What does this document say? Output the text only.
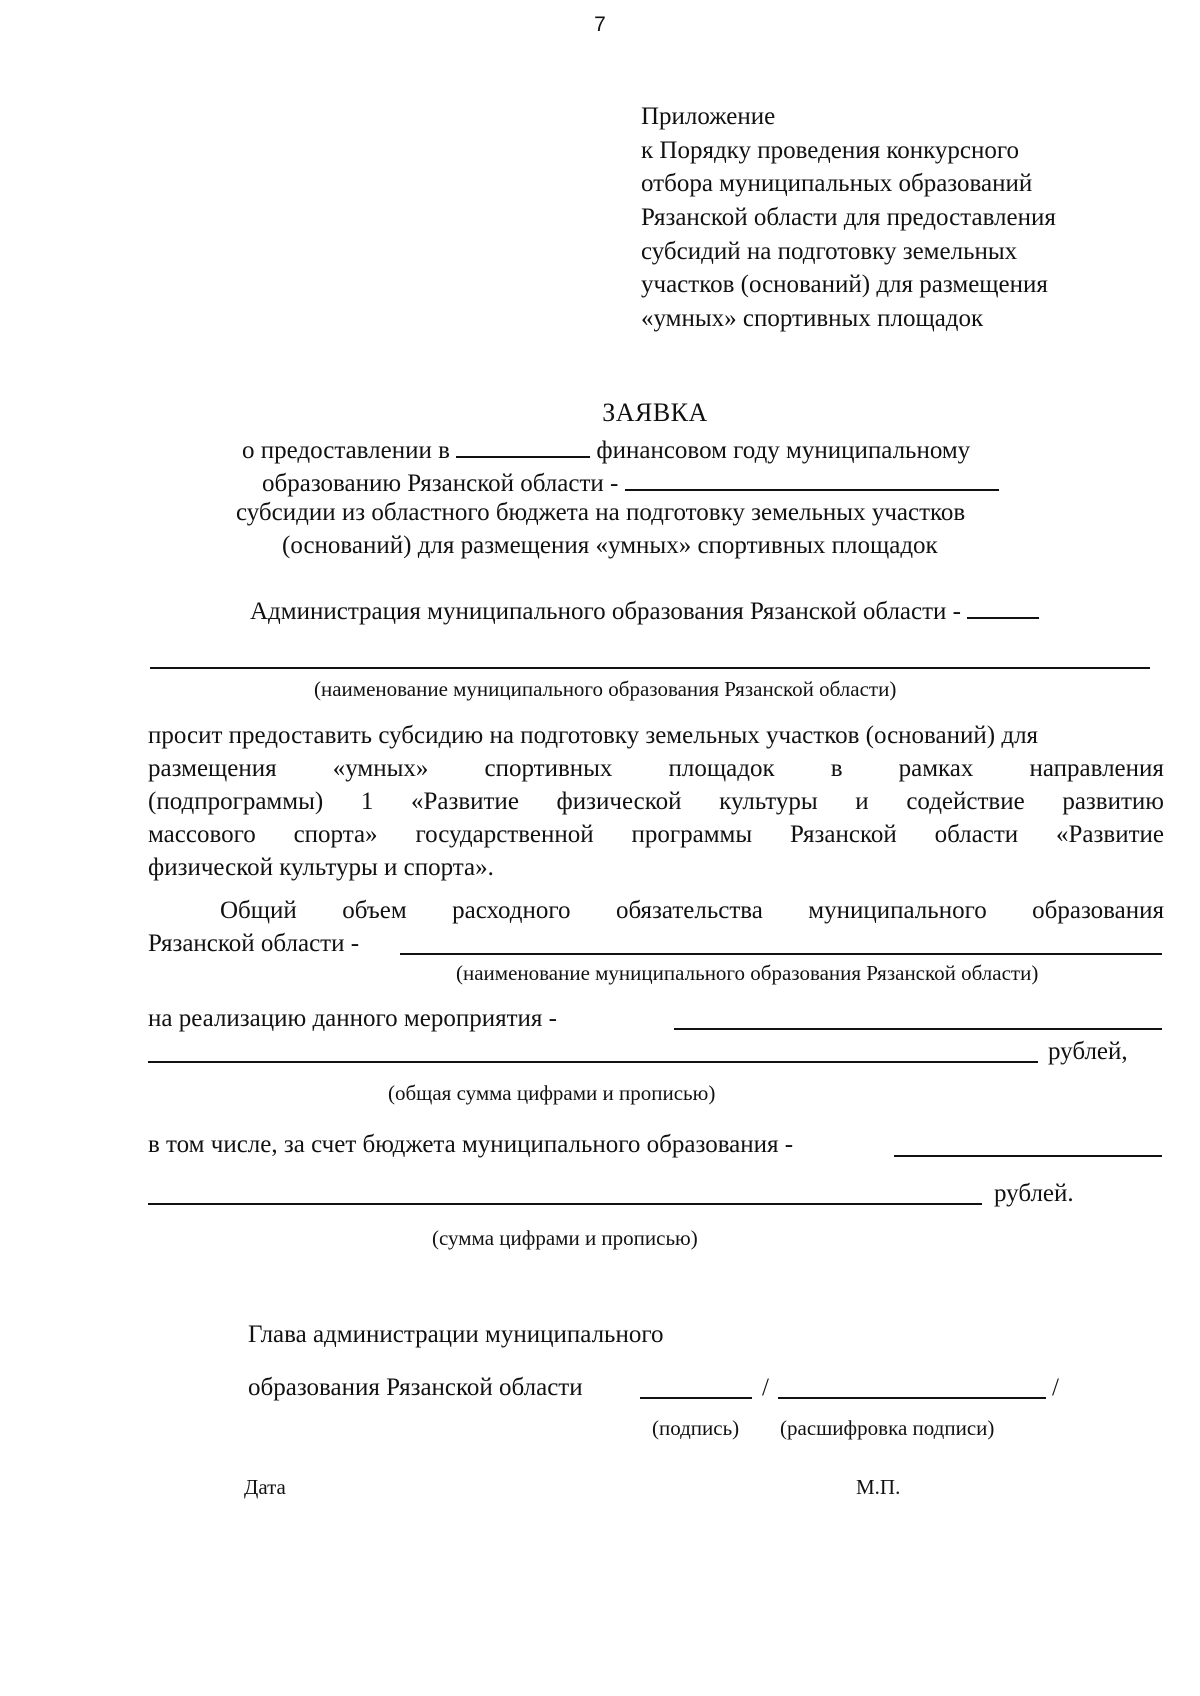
7
Приложение
к Порядку проведения конкурсного
отбора муниципальных образований
Рязанской области для предоставления
субсидий на подготовку земельных
участков (оснований) для размещения
«умных» спортивных площадок
ЗАЯВКА
о предоставлении в	финансовом году муниципальному
образованию Рязанской области -
субсидии из областного бюджета на подготовку земельных участков
(оснований) для размещения «умных» спортивных площадок
Администрация муниципального образования Рязанской области -
(наименование муниципального образования Рязанской области)
просит предоставить субсидию на подготовку земельных участков (оснований) для
размещения «умных» спортивных площадок в рамках направления
(подпрограммы) 1 «Развитие физической культуры и содействие развитию
массового спорта» государственной программы Рязанской области «Развитие
физической культуры и спорта».
Общий объем расходного обязательства муниципального образования
Рязанской области -
(наименование муниципального образования Рязанской области)
на реализацию данного мероприятия -
рублей,
(общая сумма цифрами и прописью)
в том числе, за счет бюджета муниципального образования -
рублей.
(сумма цифрами и прописью)
Глава администрации муниципального
образования Рязанской области	/	/
(подпись) (расшифровка подписи)
Дата	М.П.
